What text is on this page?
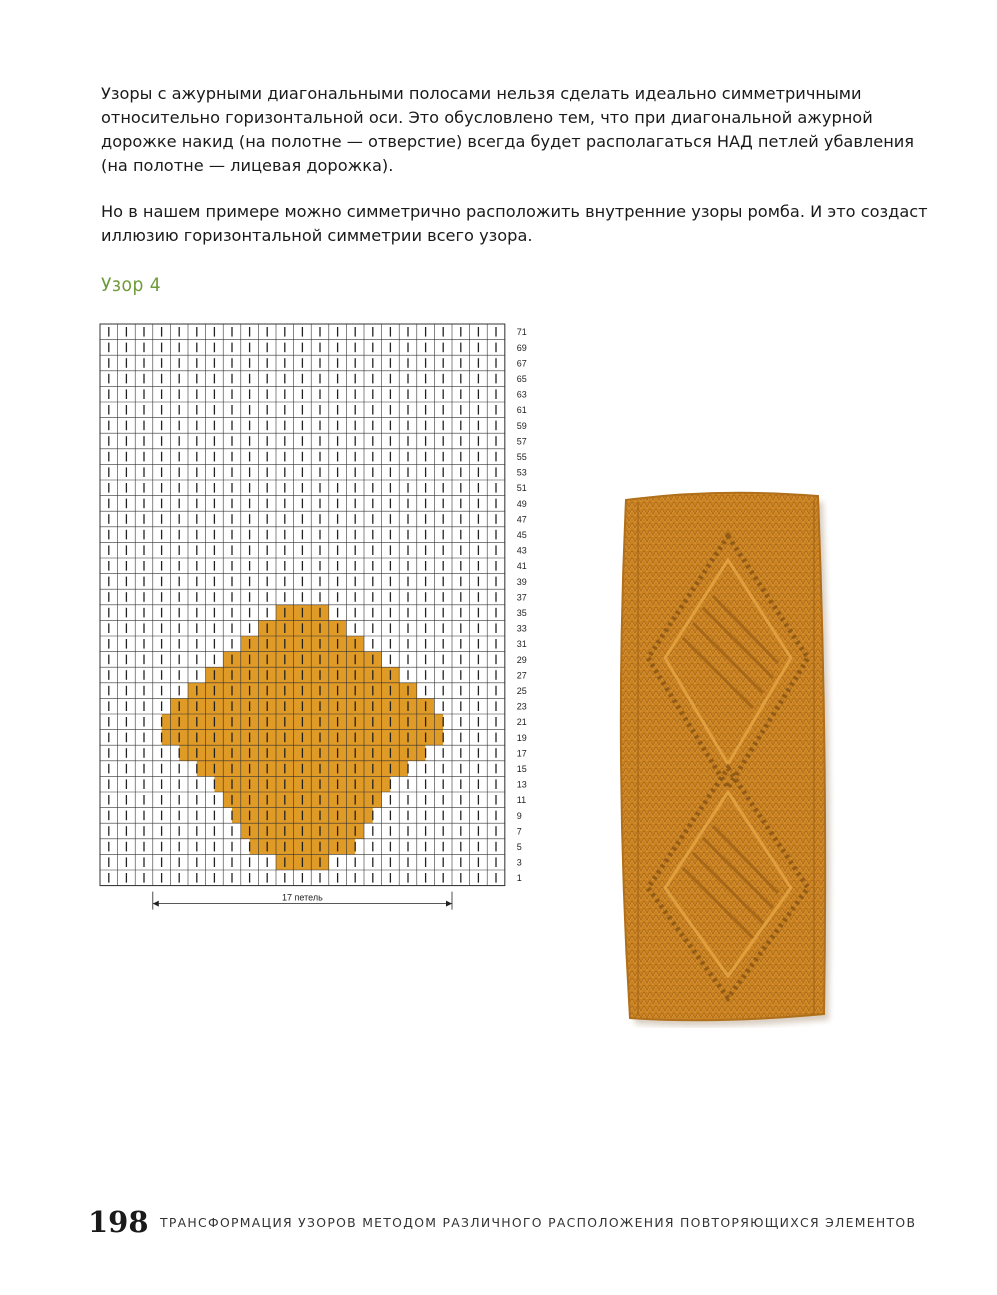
Узоры с ажурными диагональными полосами нельзя сделать идеально симметричными относительно горизонтальной оси. Это обусловлено тем, что при диагональной ажурной дорожке накид (на полотне — отверстие) всегда будет располагаться НАД петлей убавления (на полотне — лицевая дорожка).

Но в нашем примере можно симметрично расположить внутренние узоры ромба. И это создаст иллюзию горизонтальной симметрии всего узора.

Узор 4
71
69
67
65
63
61
59
57
55
53
51
49
47
45
43
41
39
37
35
33
31
29
27
25
23
21
19
17
15
13
11
9
7
5
3
1
17 петель

198 ТРАНСФОРМАЦИЯ УЗОРОВ МЕТОДОМ РАЗЛИЧНОГО РАСПОЛОЖЕНИЯ ПОВТОРЯЮЩИХСЯ ЭЛЕМЕНТОВ
